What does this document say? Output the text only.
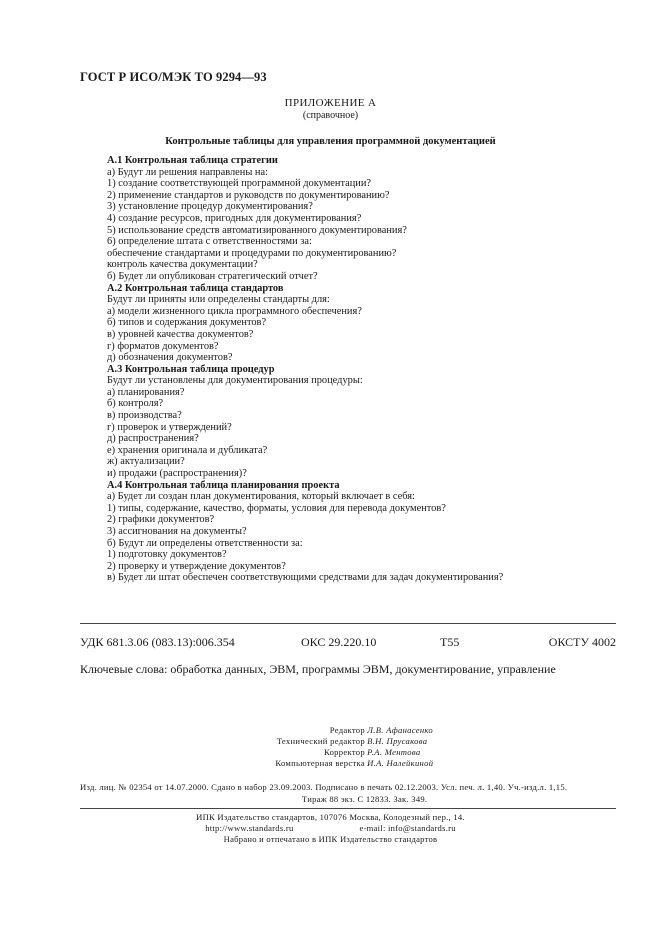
ГОСТ Р ИСО/МЭК ТО 9294—93
ПРИЛОЖЕНИЕ А
(справочное)
Контрольные таблицы для управления программной документацией
А.1 Контрольная таблица стратегии
а) Будут ли решения направлены на:
1) создание соответствующей программной документации?
2) применение стандартов и руководств по документированию?
3) установление процедур документирования?
4) создание ресурсов, пригодных для документирования?
5) использование средств автоматизированного документирования?
6) определение штата с ответственностями за:
обеспечение стандартами и процедурами по документированию?
контроль качества документации?
б) Будет ли опубликован стратегический отчет?
А.2 Контрольная таблица стандартов
Будут ли приняты или определены стандарты для:
а) модели жизненного цикла программного обеспечения?
б) типов и содержания документов?
в) уровней качества документов?
г) форматов документов?
д) обозначения документов?
А.3 Контрольная таблица процедур
Будут ли установлены для документирования процедуры:
а) планирования?
б) контроля?
в) производства?
г) проверок и утверждений?
д) распространения?
е) хранения оригинала и дубликата?
ж) актуализации?
и) продажи (распространения)?
А.4 Контрольная таблица планирования проекта
а) Будет ли создан план документирования, который включает в себя:
1) типы, содержание, качество, форматы, условия для перевода документов?
2) графики документов?
3) ассигнования на документы?
б) Будут ли определены ответственности за:
1) подготовку документов?
2) проверку и утверждение документов?
в) Будет ли штат обеспечен соответствующими средствами для задач документирования?
УДК 681.3.06 (083.13):006.354	ОКС 29.220.10	Т55	ОКСТУ 4002
Ключевые слова: обработка данных, ЭВМ, программы ЭВМ, документирование, управление
Редактор Л.В. Афанасенко
Технический редактор В.Н. Прусакова
Корректор Р.А. Ментова
Компьютерная верстка И.А. Налейкиной
Изд. лиц. № 02354 от 14.07.2000. Сдано в набор 23.09.2003. Подписано в печать 02.12.2003. Усл. печ. л. 1,40. Уч.-изд.л. 1,15.
Тираж 88 экз. С 12833. Зак. 349.
ИПК Издательство стандартов, 107076 Москва, Колодезный пер., 14.
http://www.standards.ru	e-mail: info@standards.ru
Набрано и отпечатано в ИПК Издательство стандартов
